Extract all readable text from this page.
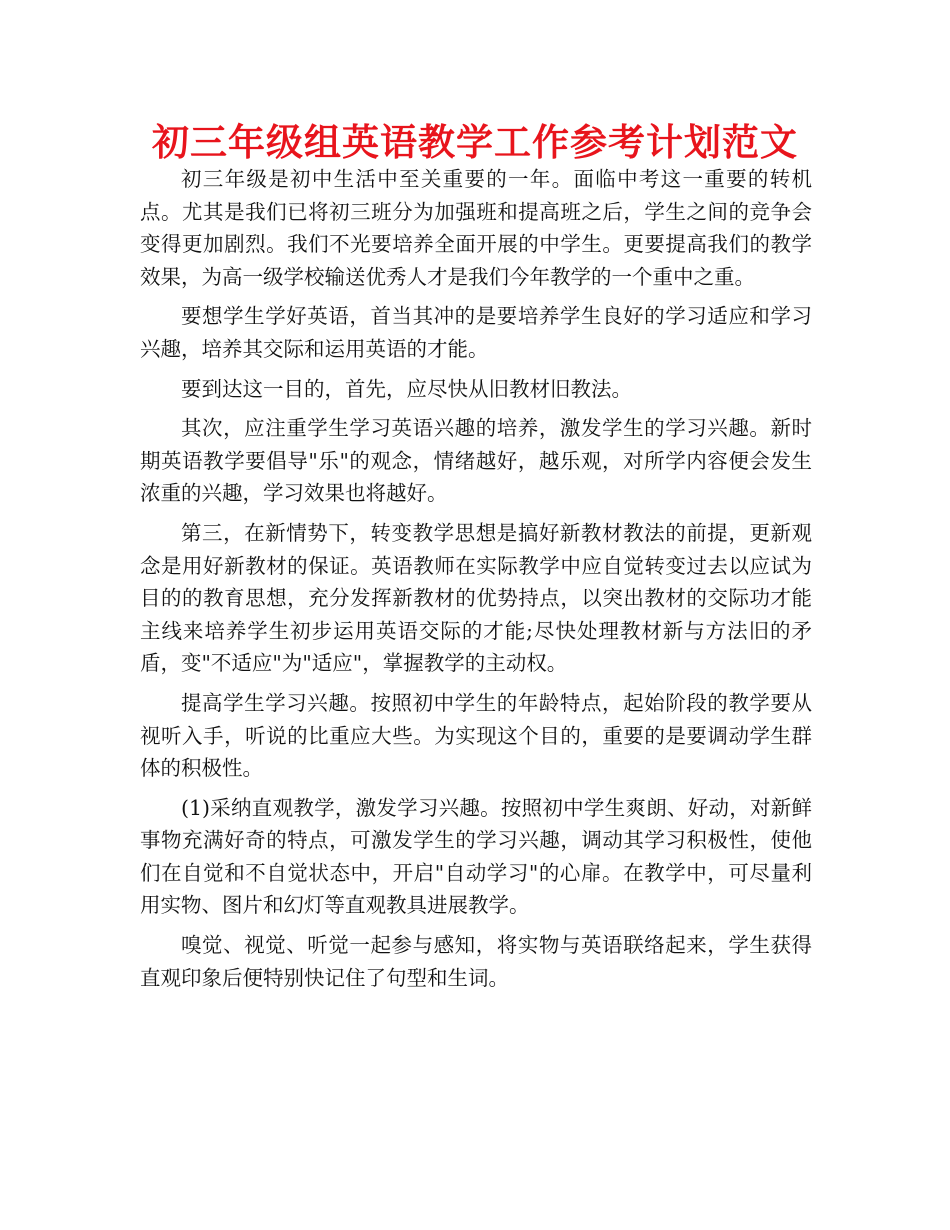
初三年级组英语教学工作参考计划范文

初三年级是初中生活中至关重要的一年。面临中考这一重要的转机点。尤其是我们已将初三班分为加强班和提高班之后，学生之间的竞争会变得更加剧烈。我们不光要培养全面开展的中学生。更要提高我们的教学效果，为高一级学校输送优秀人才是我们今年教学的一个重中之重。

要想学生学好英语，首当其冲的是要培养学生良好的学习适应和学习兴趣，培养其交际和运用英语的才能。

要到达这一目的，首先，应尽快从旧教材旧教法。

其次，应注重学生学习英语兴趣的培养，激发学生的学习兴趣。新时期英语教学要倡导"乐"的观念，情绪越好，越乐观，对所学内容便会发生浓重的兴趣，学习效果也将越好。

第三，在新情势下，转变教学思想是搞好新教材教法的前提，更新观念是用好新教材的保证。英语教师在实际教学中应自觉转变过去以应试为目的的教育思想，充分发挥新教材的优势持点，以突出教材的交际功才能主线来培养学生初步运用英语交际的才能;尽快处理教材新与方法旧的矛盾，变"不适应"为"适应"，掌握教学的主动权。

提高学生学习兴趣。按照初中学生的年龄特点，起始阶段的教学要从视听入手，听说的比重应大些。为实现这个目的，重要的是要调动学生群体的积极性。

(1)采纳直观教学，激发学习兴趣。按照初中学生爽朗、好动，对新鲜事物充满好奇的特点，可激发学生的学习兴趣，调动其学习积极性，使他们在自觉和不自觉状态中，开启"自动学习"的心扉。在教学中，可尽量利用实物、图片和幻灯等直观教具进展教学。

嗅觉、视觉、听觉一起参与感知，将实物与英语联络起来，学生获得直观印象后便特别快记住了句型和生词。
